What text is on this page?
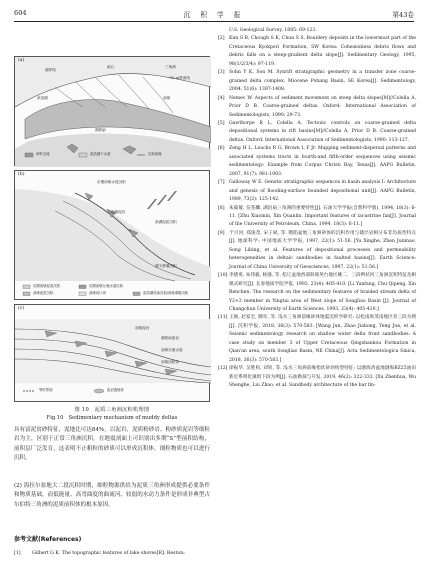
604	沉 积 学 报	第43卷
(a)
湖岸线
砾石	三角洲
滨浅湖	前缘
湖底扇
~10 m等深线
砂岭支流	泥质湖下水道	沉积前缘
(b)
后期前缘水道沉积
前缘泥岩
滨湖泥质沉积
湖下滑塌沉积
后期前缘泥质沉积
前缘泥质沉积
后期前缘分流水道沉积
前缘河口坝	泥质湖底扇沉积/前缘滑塌沉积
(c)
前缘泥岩
湖底扇泥岩
前缘分流水道
前缘浊积体
等时界面	泥岩透镜体
图 10　泥质三角洲沉积机理图
Fig.10　Sedimentary mechanism of muddy deltas

具有富泥贫砂特征，泥地比可达84%，以泥岩、泥质粉砂岩、粉砂质泥岩等细粒岩为主，区别于正常三角洲沉积。在地震剖面上可识别出多期“S”型前积结构，前积层厂泛发育，这表明不止粗粒的砂质可以形成沉积体，细粒物质也可以进行沉积。

(2) 海拉尔盆地大二段沉积时期，细粒物源供给为泥质三角洲形成提供必要条件和物质基础，而低能量、高弯曲度的曲流河、较弱的水动力条件是形成非典型古尔伯特三角洲的泥质前积体的根本原因。

参考文献(References)
[1]	Gilbert G K. The topographic features of lake shores[R]. Reston:
U.S. Geological Survey, 1885: 69-123.
[2] Kim S B, Chough S K, Chun S S. Bouldery deposits in the lowermost part of the Cretaceous Kyokpori Formation, SW Korea: Cohesionless debris flows and debris falls on a steep-gradient delta slope[J]. Sedimentary Geology, 1995, 98(1/2/3/4): 97-119.
[3] Sohn Y K, Son M. Synrift stratigraphic geometry in a transfer zone coarse-grained delta complex, Miocene Pohang Basin, SE Korea[J]. Sedimentology, 2004, 51(6): 1387-1408.
[4] Nemec W. Aspects of sediment movement on steep delta slopes[M]//Colella A, Prior D B. Coarse-grained deltas. Oxford: International Association of Sedimentologists, 1990: 29-73.
[5] Gawthorpe R L, Colella A. Tectonic controls on coarse-grained delta depositional systems in rift basins[M]//Colella A, Prior D B. Coarse-grained deltas. Oxford: International Association of Sedimentologists, 1990: 113-127.
[6] Zeng H L, Loucks R G, Brown L F Jr. Mapping sediment-dispersal patterns and associated systems tracts in fourth-and fifth-order sequences using seismic sedimentology: Example from Corpus Christi Bay, Texas[J]. AAPG Bulletin, 2007, 91(7): 981-1003.
[7] Galloway W E. Genetic stratigraphic sequences in basin analysis I: Architecture and genesis of flooding-surface bounded depositional unit[J]. AAPG Bulletin, 1989, 73(2): 125-142.
[8] 朱筱敏, 信荃麟. 湖泊扇三角洲的重要特性[J]. 石油大学学报(自然科学版), 1994, 18(3): 6-11. [Zhu Xiaomin, Xin Quanlin. Important features of lacustrine fan[J]. Journal of the University of Petroleum, China, 1994, 18(3): 6-11.]
[9] 于兴河, 郑浚茂, 宋子斌, 等. 断陷盆地三角洲砂体的沉积作用与储层岩相分布非均质性特点[J]. 地球科学: 中国地质大学学报, 1997, 22(1): 51-56. [Yu Xinghe, Zhen Junmao, Song Libing, et al. Features of depositional processes and permeability heterogeneities in deltaic sandbodies in faulted basins[J]. Earth Science: Journal of China University of Geosciences, 1997, 22(1): 51-56.]
[10] 李德勇, 朱伟毅, 杨强, 等. 松辽盆地西部斜坡英台地区姚二、三段辫状河三角洲沉积特征及相模式研究[J]. 长春地质学院学报, 1993, 23(4): 405-410. [Li Yanfang, Chu Qipeng, Xin Renchen. The research on the sedimentary features of braided stream delta of Y2+3 member in Yingtai area of West slope of Songliao Basin [J]. Journal of Changchun University of Earth Sciences, 1993, 23(4): 405-410.]
[11] 王俊, 赵家宏, 腾军, 等. 浅水三角洲前缘砂体地震沉积学研究: 以松南斑茂南地区青三段为例[J]. 沉积学报, 2018, 36(3): 570-583. [Wang Jun, Zhao Jiahong, Teng Jun, et al. Seismic sedimentology research on shallow water delta front sandbodies: A case study on member 3 of Upper Cretaceous Qingshankou Formation in Qian'an area, south Songliao Basin, NE China[J]. Acta Sedimentologica Sinica, 2018, 36(3): 570-583.]
[12] 徐振华, 吴胜和, 刘钊, 等. 浅水三角洲前缘指状砂坝构型特征: 以渤海湾盆地渤海BZ25油田新近系明化镇组下段为例[J]. 石油勘探与开发, 2019, 46(2): 322-333. [Xu Zhenhua, Wu Shenghe, Liu Zhao, et al. Sandbody architecture of the bar fin-
